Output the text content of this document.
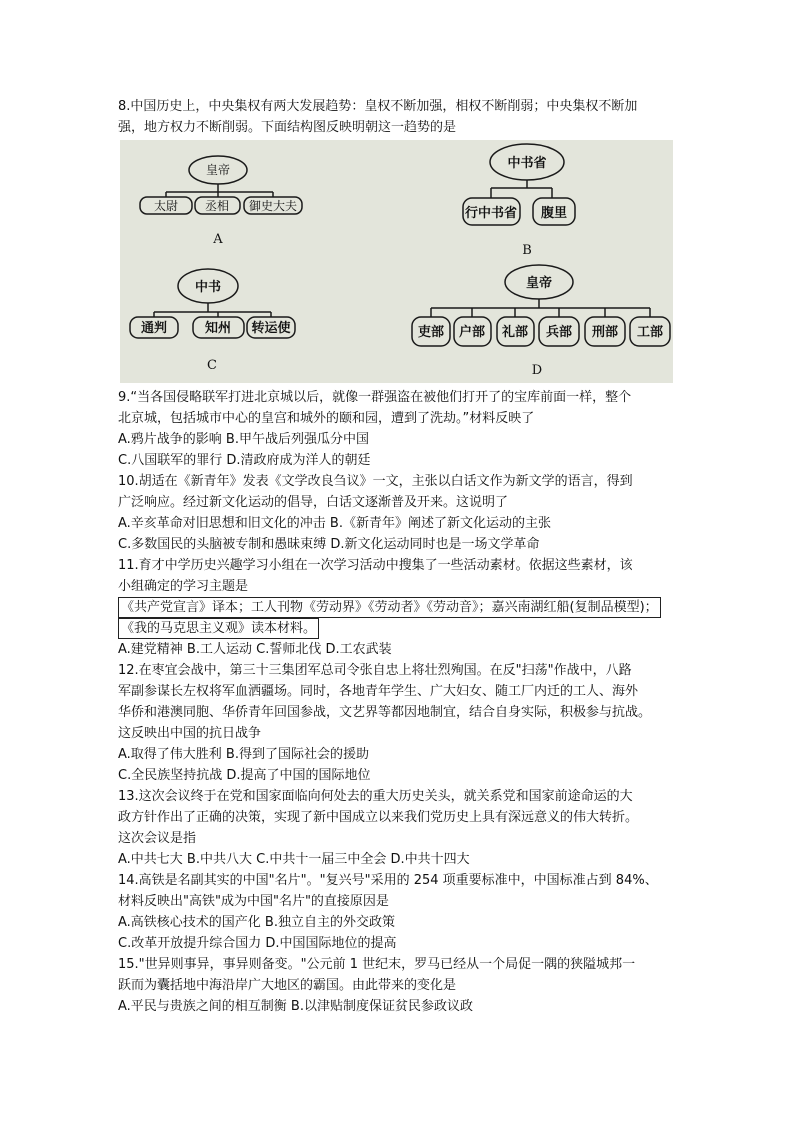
8.中国历史上，中央集权有两大发展趋势：皇权不断加强，相权不断削弱；中央集权不断加
强，地方权力不断削弱。下面结构图反映明朝这一趋势的是
皇帝
太尉 丞相 御史大夫
A
中书省
行中书省 腹里
B
中书
通判	知州 转运使
C
皇帝
吏部 户部 礼部 兵部 刑部 工部
D
9.“当各国侵略联军打进北京城以后，就像一群强盗在被他们打开了的宝库前面一样，整个
北京城，包括城市中心的皇宫和城外的颐和园，遭到了洗劫。”材料反映了
A.鸦片战争的影响 B.甲午战后列强瓜分中国
C.八国联军的罪行 D.清政府成为洋人的朝廷
10.胡适在《新青年》发表《文学改良刍议》一文，主张以白话文作为新文学的语言，得到
广泛响应。经过新文化运动的倡导，白话文逐渐普及开来。这说明了
A.辛亥革命对旧思想和旧文化的冲击 B.《新青年》阐述了新文化运动的主张
C.多数国民的头脑被专制和愚昧束缚 D.新文化运动同时也是一场文学革命
11.育才中学历史兴趣学习小组在一次学习活动中搜集了一些活动素材。依据这些素材，该
小组确定的学习主题是
《共产党宣言》译本；工人刊物《劳动界》《劳动者》《劳动音》；嘉兴南湖红船(复制品模型)；
《我的马克思主义观》读本材料。
A.建党精神 B.工人运动 C.誓师北伐 D.工农武装
12.在枣宜会战中，第三十三集团军总司令张自忠上将壮烈殉国。在反"扫荡"作战中，八路
军副参谋长左权将军血洒疆场。同时，各地青年学生、广大妇女、随工厂内迁的工人、海外
华侨和港澳同胞、华侨青年回国参战，文艺界等都因地制宜，结合自身实际，积极参与抗战。
这反映出中国的抗日战争
A.取得了伟大胜利 B.得到了国际社会的援助
C.全民族坚持抗战 D.提高了中国的国际地位
13.这次会议终于在党和国家面临向何处去的重大历史关头，就关系党和国家前途命运的大
政方针作出了正确的决策，实现了新中国成立以来我们党历史上具有深远意义的伟大转折。
这次会议是指
A.中共七大 B.中共八大 C.中共十一届三中全会 D.中共十四大
14.高铁是名副其实的中国"名片"。"复兴号"采用的 254 项重要标准中，中国标准占到 84%、
材料反映出"高铁"成为中国"名片"的直接原因是
A.高铁核心技术的国产化 B.独立自主的外交政策
C.改革开放提升综合国力 D.中国国际地位的提高
15."世异则事异，事异则备变。"公元前 1 世纪末，罗马已经从一个局促一隅的狭隘城邦一
跃而为囊括地中海沿岸广大地区的霸国。由此带来的变化是
A.平民与贵族之间的相互制衡 B.以津贴制度保证贫民参政议政
